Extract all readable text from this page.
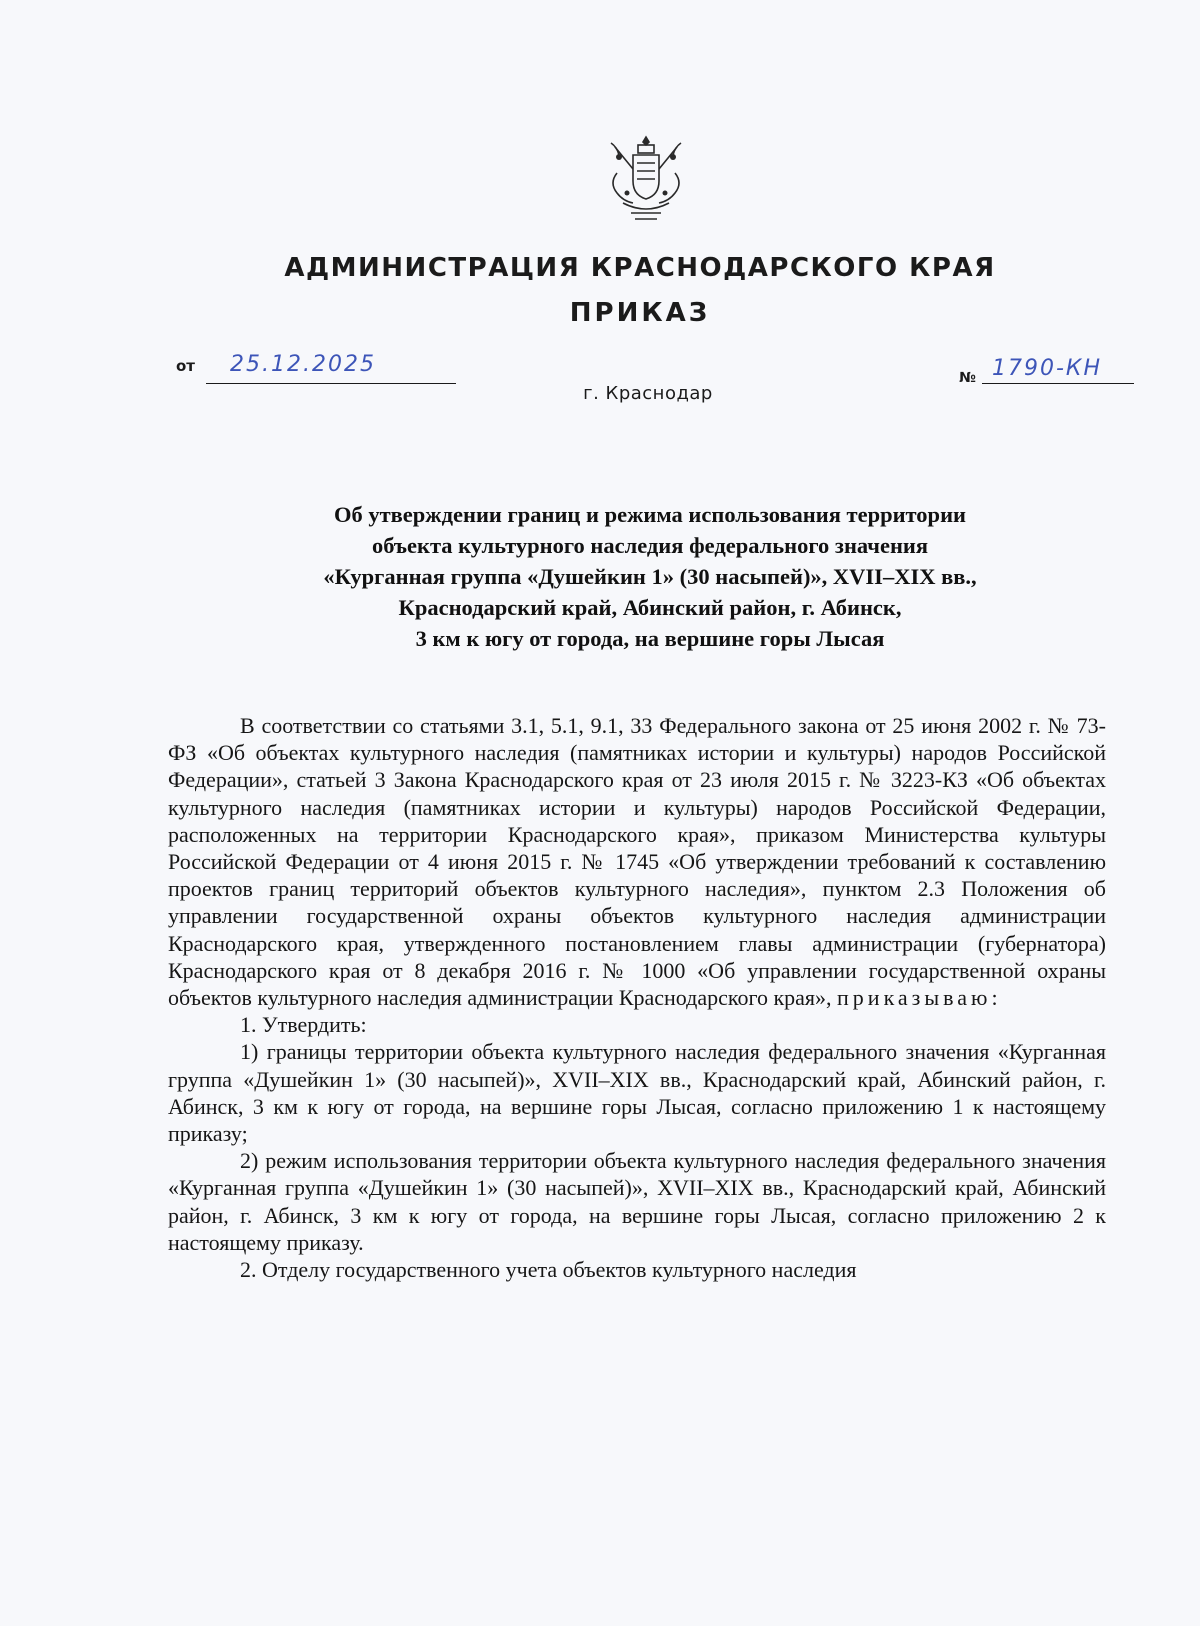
АДМИНИСТРАЦИЯ КРАСНОДАРСКОГО КРАЯ
ПРИКАЗ
от 25.12.2025
№ 1790-КН
г. Краснодар
Об утверждении границ и режима использования территории
объекта культурного наследия федерального значения
«Курганная группа «Душейкин 1» (30 насыпей)», XVII–XIX вв.,
Краснодарский край, Абинский район, г. Абинск,
3 км к югу от города, на вершине горы Лысая

В соответствии со статьями 3.1, 5.1, 9.1, 33 Федерального закона от 25 июня 2002 г. № 73-ФЗ «Об объектах культурного наследия (памятниках истории и культуры) народов Российской Федерации», статьей 3 Закона Краснодарского края от 23 июля 2015 г. № 3223-КЗ «Об объектах культурного наследия (памятниках истории и культуры) народов Российской Федерации, расположенных на территории Краснодарского края», приказом Министерства культуры Российской Федерации от 4 июня 2015 г. № 1745 «Об утверждении требований к составлению проектов границ территорий объектов культурного наследия», пунктом 2.3 Положения об управлении государственной охраны объектов культурного наследия администрации Краснодарского края, утвержденного постановлением главы администрации (губернатора) Краснодарского края от 8 декабря 2016 г. № 1000 «Об управлении государственной охраны объектов культурного наследия администрации Краснодарского края», приказываю:

1. Утвердить:

1) границы территории объекта культурного наследия федерального значения «Курганная группа «Душейкин 1» (30 насыпей)», XVII–XIX вв., Краснодарский край, Абинский район, г. Абинск, 3 км к югу от города, на вершине горы Лысая, согласно приложению 1 к настоящему приказу;

2) режим использования территории объекта культурного наследия федерального значения «Курганная группа «Душейкин 1» (30 насыпей)», XVII–XIX вв., Краснодарский край, Абинский район, г. Абинск, 3 км к югу от города, на вершине горы Лысая, согласно приложению 2 к настоящему приказу.

2. Отделу государственного учета объектов культурного наследия
